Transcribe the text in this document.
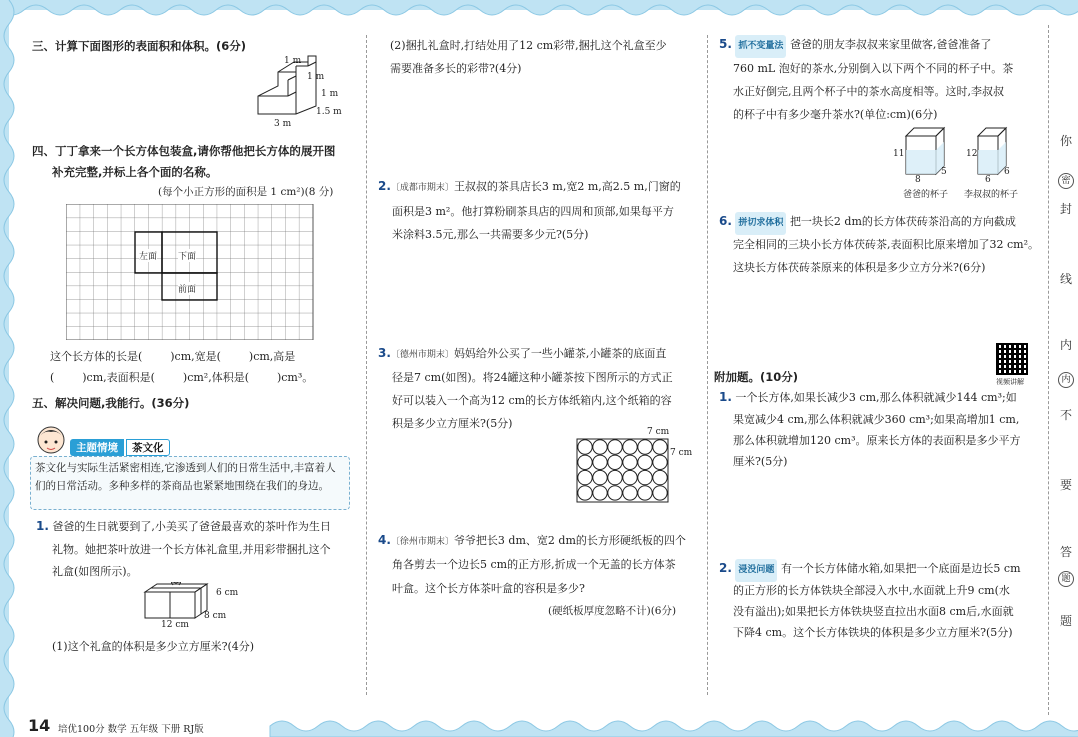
14 培优100分 数学 五年级 下册 RJ版
三、计算下面图形的表面积和体积。(6分)
1 m
1 m
1 m
1.5 m
3 m
四、丁丁拿来一个长方体包装盒,请你帮他把长方体的展开图
补充完整,并标上各个面的名称。
(每个小正方形的面积是 1 cm²)(8 分)
左面 下面
前面
这个长方体的长是(        )cm,宽是(        )cm,高是
(        )cm,表面积是(        )cm²,体积是(        )cm³。
五、解决问题,我能行。(36分)
主题情境	茶文化
茶文化与实际生活紧密相连,它渗透到人们的日常生活中,丰富着人们的日常活动。多种多样的茶商品也紧紧地围绕在我们的身边。
1. 爸爸的生日就要到了,小美买了爸爸最喜欢的茶叶作为生日
礼物。她把茶叶放进一个长方体礼盒里,并用彩带捆扎这个
礼盒(如图所示)。
6 cm
8 cm
12 cm
(1)这个礼盒的体积是多少立方厘米?(4分)
(2)捆扎礼盒时,打结处用了12 cm彩带,捆扎这个礼盒至少
需要准备多长的彩带?(4分)
2.〔成都市期末〕王叔叔的茶具店长3 m,宽2 m,高2.5 m,门窗的
面积是3 m²。他打算粉刷茶具店的四周和顶部,如果每平方
米涂料3.5元,那么一共需要多少元?(5分)
3.〔德州市期末〕妈妈给外公买了一些小罐茶,小罐茶的底面直
径是7 cm(如图)。将24罐这种小罐茶按下图所示的方式正
好可以装入一个高为12 cm的长方体纸箱内,这个纸箱的容
积是多少立方厘米?(5分)
7 cm
7 cm
4.〔徐州市期末〕爷爷把长3 dm、宽2 dm的长方形硬纸板的四个
角各剪去一个边长5 cm的正方形,折成一个无盖的长方体茶
叶盒。这个长方体茶叶盒的容积是多少?
(硬纸板厚度忽略不计)(6分)
5. 抓不变量法 爸爸的朋友李叔叔来家里做客,爸爸准备了
760 mL 泡好的茶水,分别倒入以下两个不同的杯子中。茶
水正好倒完,且两个杯子中的茶水高度相等。这时,李叔叔
的杯子中有多少毫升茶水?(单位:cm)(6分)
11
8
5
爸爸的杯子
12
6
6
李叔叔的杯子
6. 拼切求体积 把一块长2 dm的长方体茯砖茶沿高的方向截成
完全相同的三块小长方体茯砖茶,表面积比原来增加了32 cm²。
这块长方体茯砖茶原来的体积是多少立方分米?(6分)
视频讲解
附加题。(10分)
1. 一个长方体,如果长减少3 cm,那么体积就减少144 cm³;如
果宽减少4 cm,那么体积就减少360 cm³;如果高增加1 cm,
那么体积就增加120 cm³。原来长方体的表面积是多少平方
厘米?(5分)
2. 浸没问题 有一个长方体储水箱,如果把一个底面是边长5 cm
的正方形的长方体铁块全部浸入水中,水面就上升9 cm(水
没有溢出);如果把长方体铁块竖直拉出水面8 cm后,水面就
下降4 cm。这个长方体铁块的体积是多少立方厘米?(5分)
你
密
封
线
内
内
不
要
答
题
题
